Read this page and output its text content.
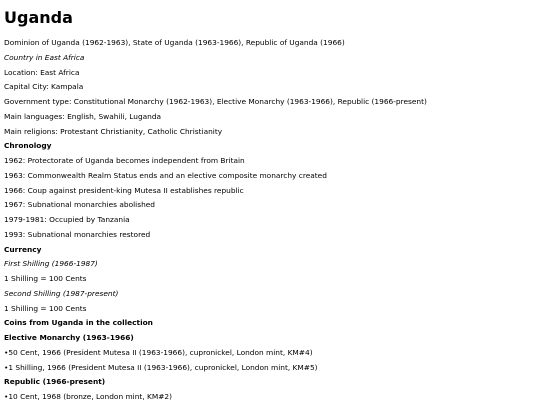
Uganda
Dominion of Uganda (1962-1963), State of Uganda (1963-1966), Republic of Uganda (1966)
Country in East Africa
Location: East Africa
Capital City: Kampala
Government type: Constitutional Monarchy (1962-1963), Elective Monarchy (1963-1966), Republic (1966-present)
Main languages: English, Swahili, Luganda
Main religions: Protestant Christianity, Catholic Christianity
Chronology
1962: Protectorate of Uganda becomes independent from Britain
1963: Commonwealth Realm Status ends and an elective composite monarchy created
1966: Coup against president-king Mutesa II establishes republic
1967: Subnational monarchies abolished
1979-1981: Occupied by Tanzania
1993: Subnational monarchies restored
Currency
First Shilling (1966-1987)
1 Shilling = 100 Cents
Second Shilling (1987-present)
1 Shilling = 100 Cents
Coins from Uganda in the collection
Elective Monarchy (1963-1966)
•50 Cent, 1966 (President Mutesa II (1963-1966), cupronickel, London mint, KM#4)
•1 Shilling, 1966 (President Mutesa II (1963-1966), cupronickel, London mint, KM#5)
Republic (1966-present)
•10 Cent, 1968 (bronze, London mint, KM#2)
